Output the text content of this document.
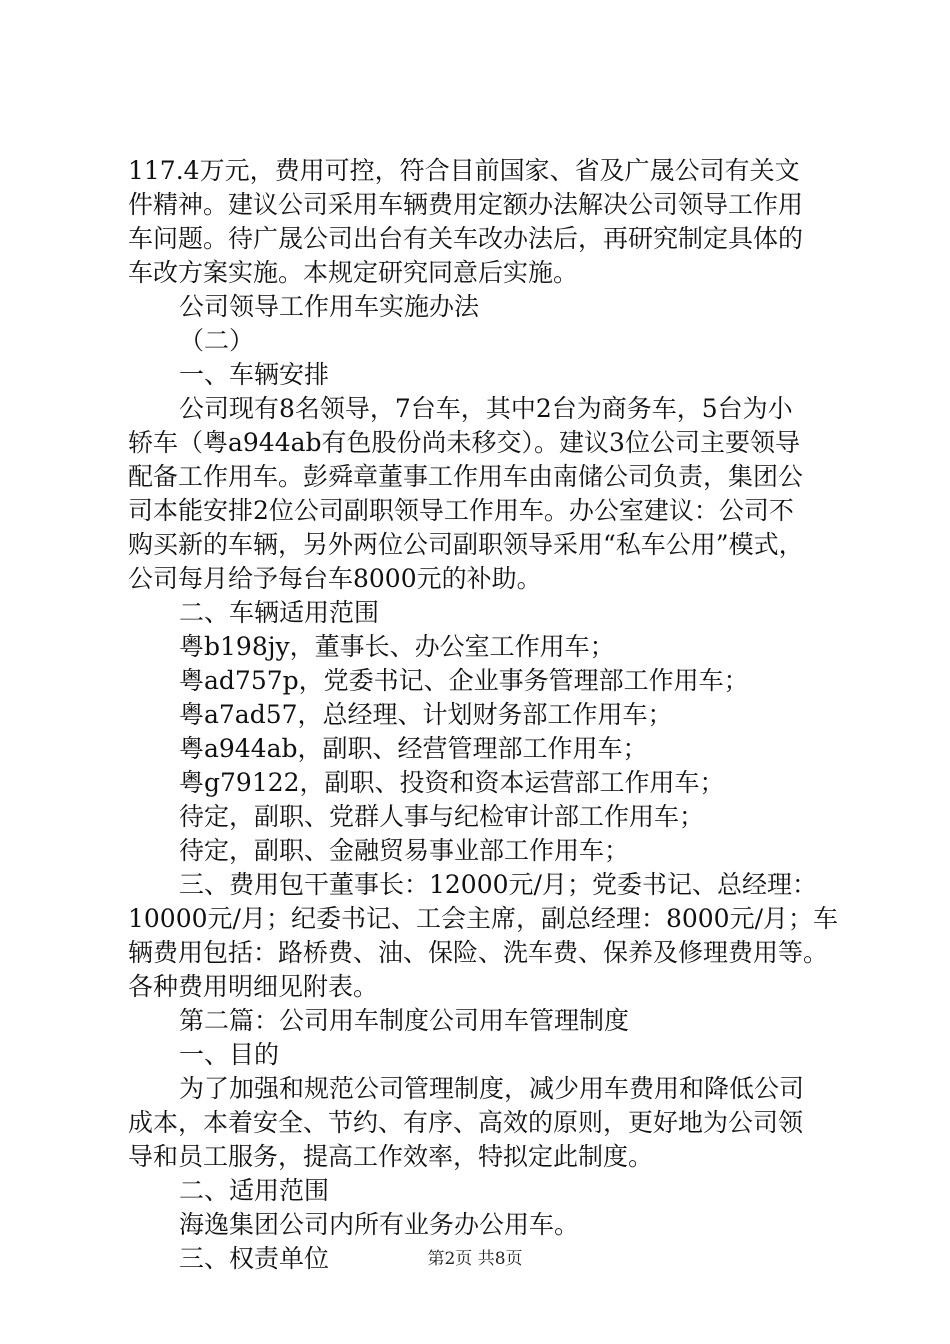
117.4万元，费用可控，符合目前国家、省及广晟公司有关文
件精神。建议公司采用车辆费用定额办法解决公司领导工作用
车问题。待广晟公司出台有关车改办法后，再研究制定具体的
车改方案实施。本规定研究同意后实施。
公司领导工作用车实施办法
（二）
一、车辆安排
公司现有8名领导，7台车，其中2台为商务车，5台为小
轿车（粤a944ab有色股份尚未移交）。建议3位公司主要领导
配备工作用车。彭舜章董事工作用车由南储公司负责，集团公
司本能安排2位公司副职领导工作用车。办公室建议：公司不
购买新的车辆，另外两位公司副职领导采用“私车公用”模式，
公司每月给予每台车8000元的补助。
二、车辆适用范围
粤b198jy，董事长、办公室工作用车；
粤ad757p，党委书记、企业事务管理部工作用车；
粤a7ad57，总经理、计划财务部工作用车；
粤a944ab，副职、经营管理部工作用车；
粤g79122，副职、投资和资本运营部工作用车；
待定，副职、党群人事与纪检审计部工作用车；
待定，副职、金融贸易事业部工作用车；
三、费用包干董事长：12000元/月；党委书记、总经理：
10000元/月；纪委书记、工会主席，副总经理：8000元/月；车
辆费用包括：路桥费、油、保险、洗车费、保养及修理费用等。
各种费用明细见附表。
第二篇：公司用车制度公司用车管理制度
一、目的
为了加强和规范公司管理制度，减少用车费用和降低公司
成本，本着安全、节约、有序、高效的原则，更好地为公司领
导和员工服务，提高工作效率，特拟定此制度。
二、适用范围
海逸集团公司内所有业务办公用车。
三、权责单位	第2页 共8页
